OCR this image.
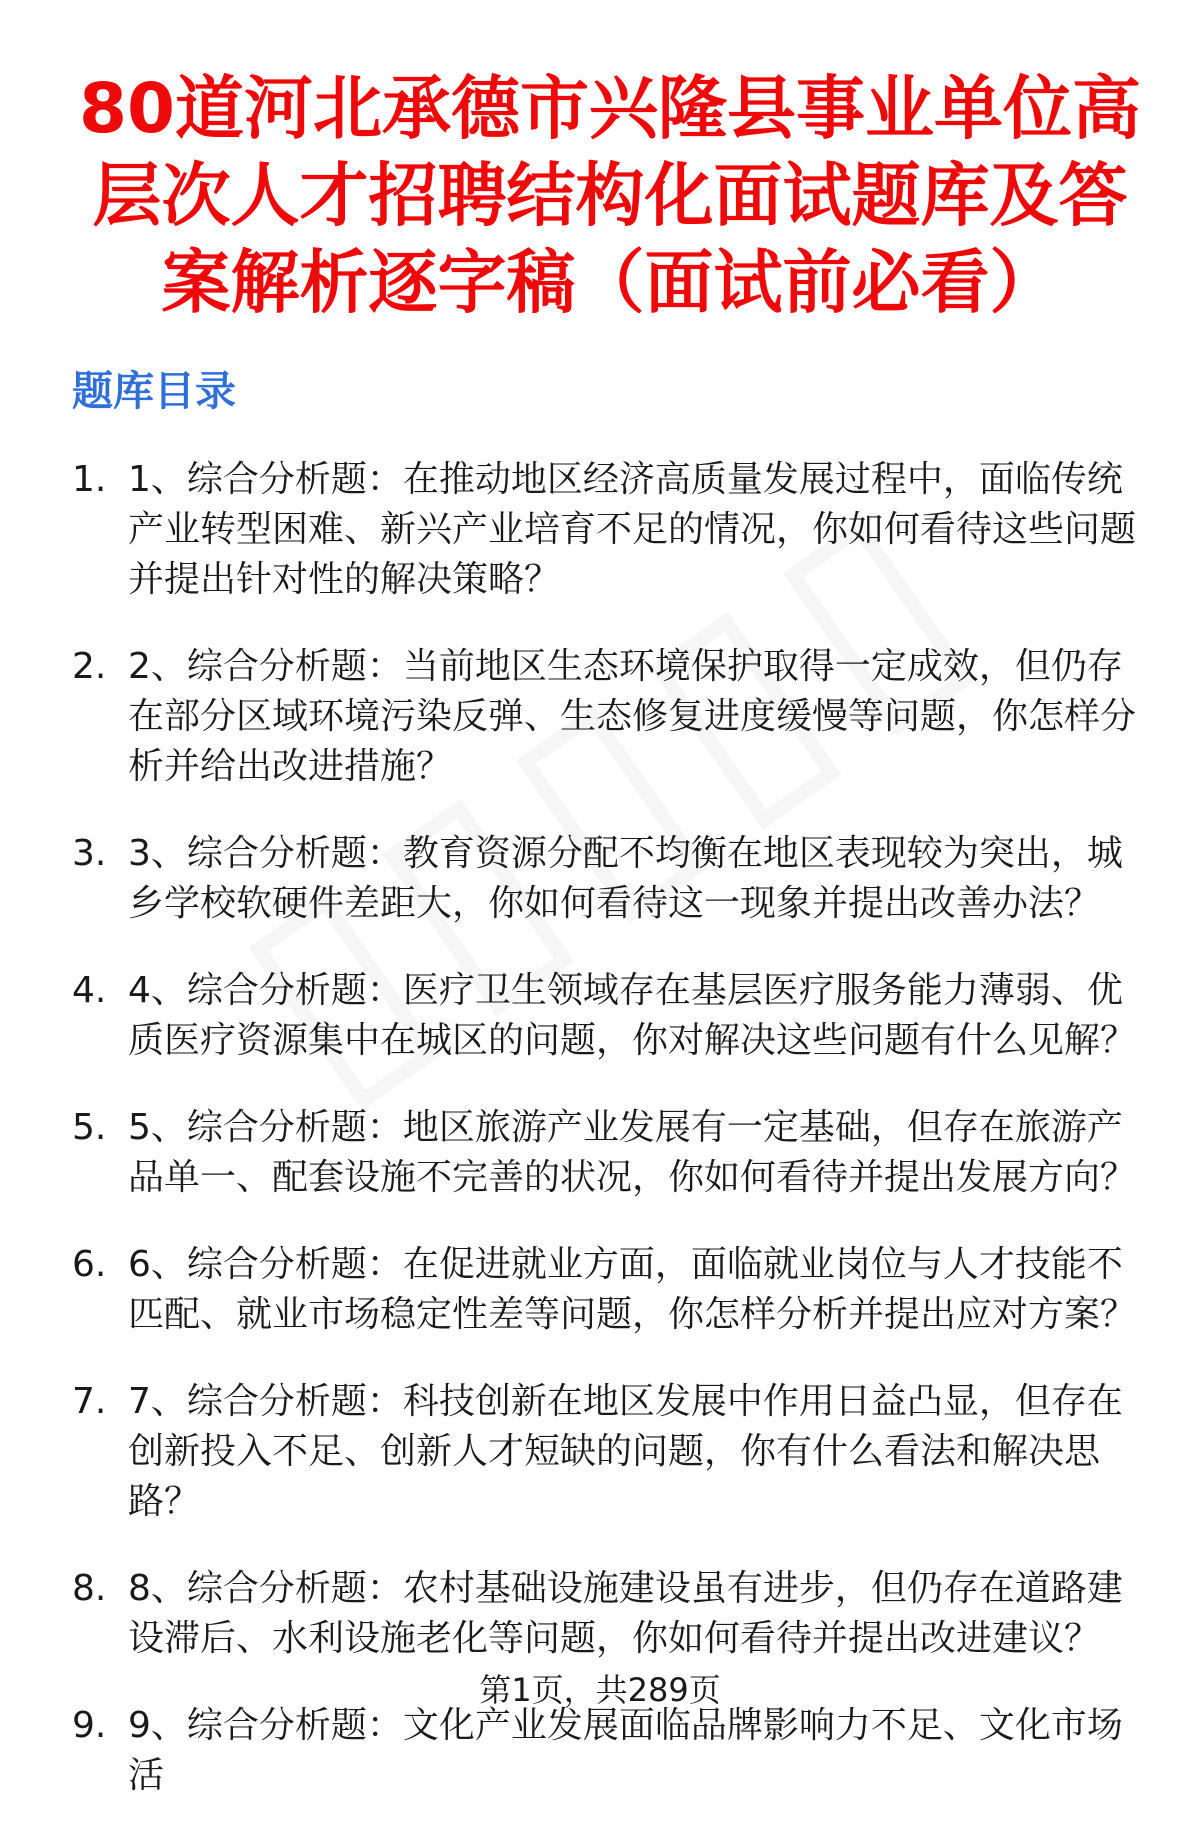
80道河北承德市兴隆县事业单位高层次人才招聘结构化面试题库及答案解析逐字稿（面试前必看）
题库目录
1. 1、综合分析题：在推动地区经济高质量发展过程中，面临传统产业转型困难、新兴产业培育不足的情况，你如何看待这些问题并提出针对性的解决策略？
2. 2、综合分析题：当前地区生态环境保护取得一定成效，但仍存在部分区域环境污染反弹、生态修复进度缓慢等问题，你怎样分析并给出改进措施？
3. 3、综合分析题：教育资源分配不均衡在地区表现较为突出，城乡学校软硬件差距大，你如何看待这一现象并提出改善办法？
4. 4、综合分析题：医疗卫生领域存在基层医疗服务能力薄弱、优质医疗资源集中在城区的问题，你对解决这些问题有什么见解？
5. 5、综合分析题：地区旅游产业发展有一定基础，但存在旅游产品单一、配套设施不完善的状况，你如何看待并提出发展方向？
6. 6、综合分析题：在促进就业方面，面临就业岗位与人才技能不匹配、就业市场稳定性差等问题，你怎样分析并提出应对方案？
7. 7、综合分析题：科技创新在地区发展中作用日益凸显，但存在创新投入不足、创新人才短缺的问题，你有什么看法和解决思路？
8. 8、综合分析题：农村基础设施建设虽有进步，但仍存在道路建设滞后、水利设施老化等问题，你如何看待并提出改进建议？
9. 9、综合分析题：文化产业发展面临品牌影响力不足、文化市场活
第1页，共289页
